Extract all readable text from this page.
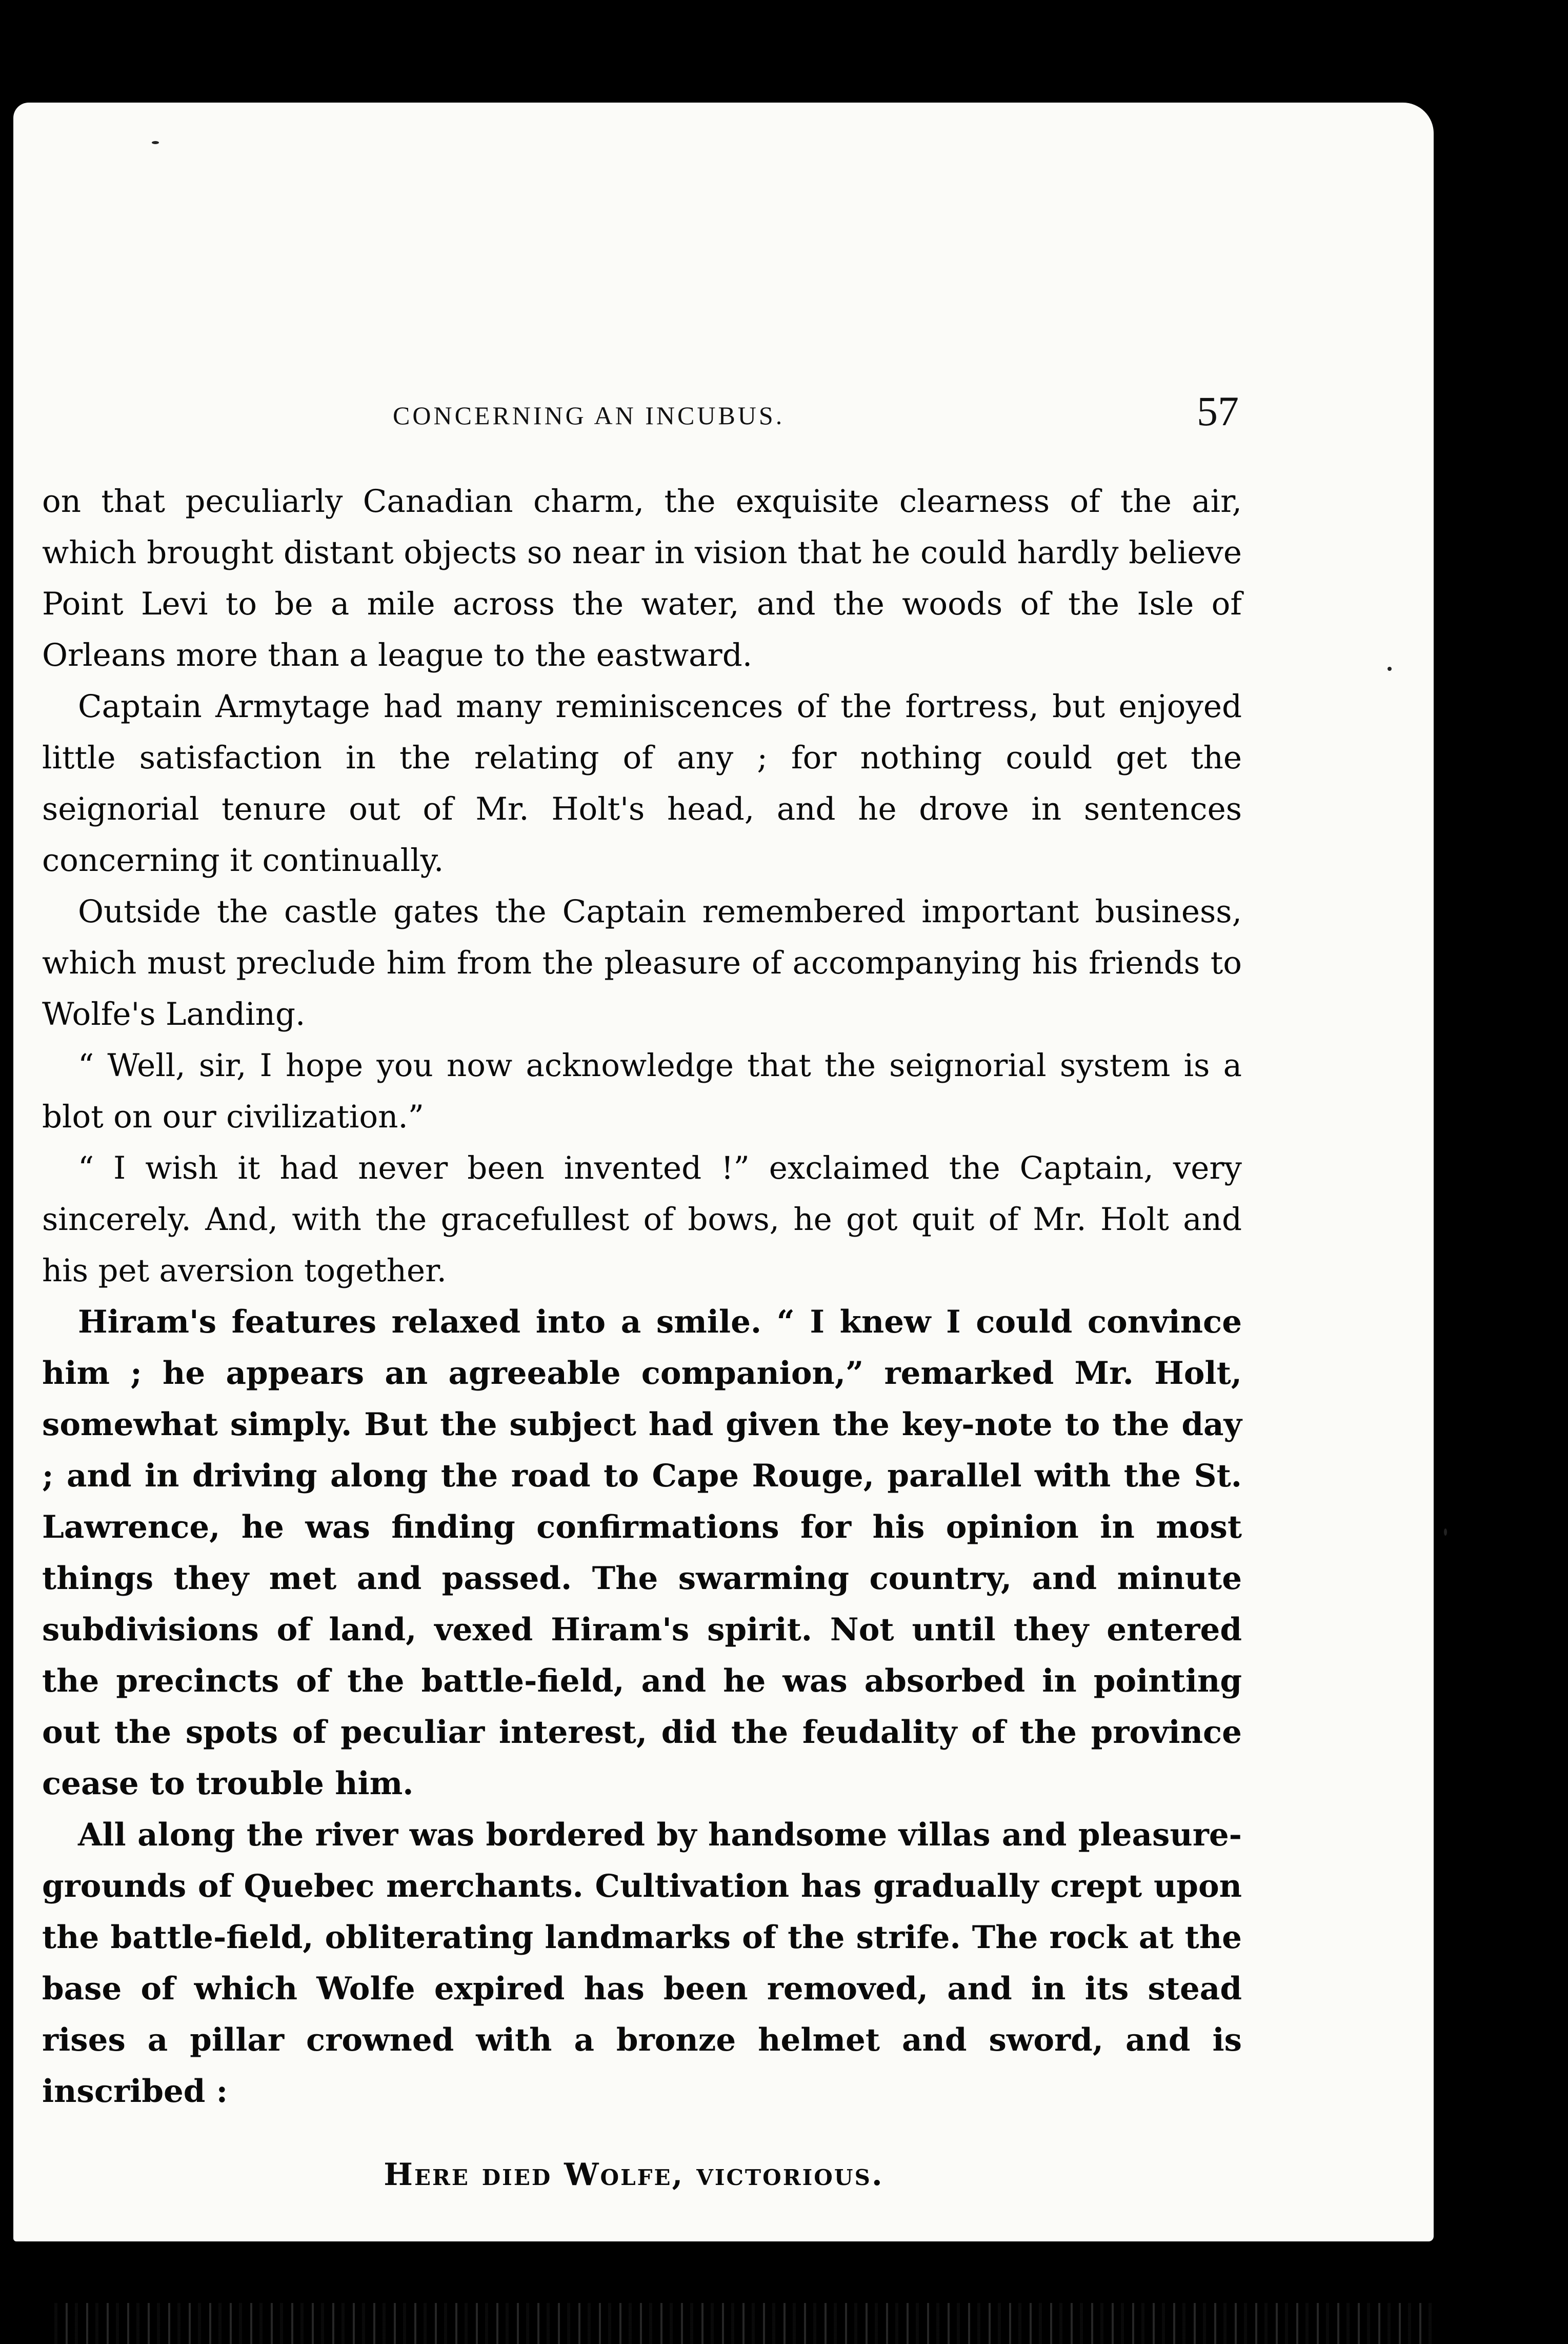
CONCERNING AN INCUBUS.	57

on that peculiarly Canadian charm, the exquisite clearness of the air, which brought distant objects so near in vision that he could hardly believe Point Levi to be a mile across the water, and the woods of the Isle of Orleans more than a league to the eastward.

Captain Armytage had many reminiscences of the fortress, but enjoyed little satisfaction in the relating of any ; for nothing could get the seignorial tenure out of Mr. Holt's head, and he drove in sentences concerning it continually.

Outside the castle gates the Captain remembered important business, which must preclude him from the pleasure of accompanying his friends to Wolfe's Landing.

“ Well, sir, I hope you now acknowledge that the seignorial system is a blot on our civilization.”

“ I wish it had never been invented !” exclaimed the Captain, very sincerely. And, with the gracefullest of bows, he got quit of Mr. Holt and his pet aversion together.

Hiram's features relaxed into a smile. “ I knew I could convince him ; he appears an agreeable companion,” remarked Mr. Holt, somewhat simply. But the subject had given the key-note to the day ; and in driving along the road to Cape Rouge, parallel with the St. Lawrence, he was finding confirmations for his opinion in most things they met and passed. The swarming country, and minute subdivisions of land, vexed Hiram's spirit. Not until they entered the precincts of the battle-field, and he was absorbed in pointing out the spots of peculiar interest, did the feudality of the province cease to trouble him.

All along the river was bordered by handsome villas and pleasure-grounds of Quebec merchants. Cultivation has gradually crept upon the battle-field, obliterating landmarks of the strife. The rock at the base of which Wolfe expired has been removed, and in its stead rises a pillar crowned with a bronze helmet and sword, and is inscribed :

Here died Wolfe, victorious.
